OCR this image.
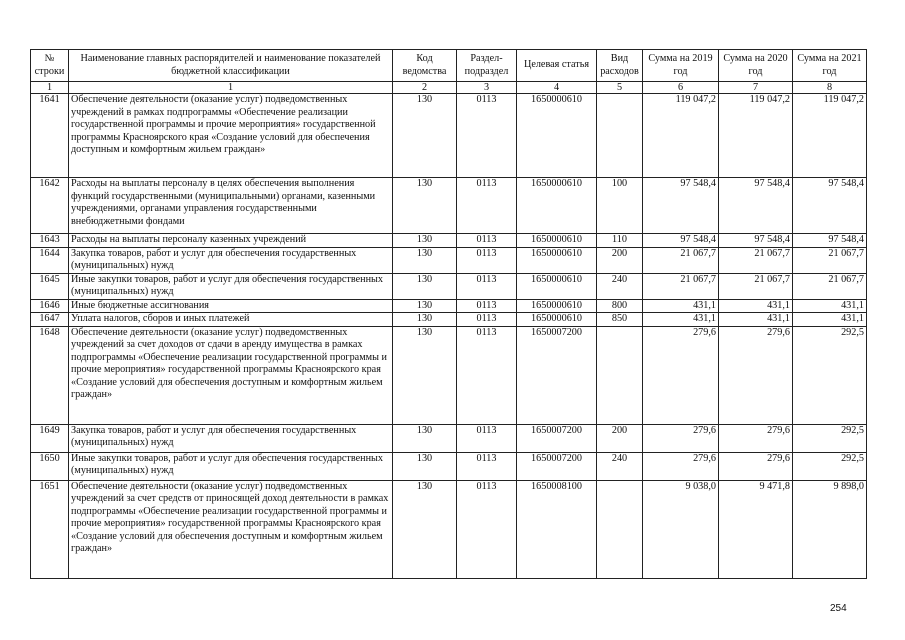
№ строки	Наименование главных распорядителей и наименование показателей бюджетной классификации	Код ведомства	Раздел-подраздел	Целевая статья	Вид расходов	Сумма на 2019 год	Сумма на 2020 год	Сумма на 2021 год
1	1	2	3	4	5	6	7	8
1641	Обеспечение деятельности (оказание услуг) подведомственных учреждений в рамках подпрограммы «Обеспечение реализации государственной программы и прочие мероприятия» государственной программы Красноярского края «Создание условий для обеспечения доступным и комфортным жильем граждан»	130	0113	1650000610		119 047,2	119 047,2	119 047,2
1642	Расходы на выплаты персоналу в целях обеспечения выполнения функций государственными (муниципальными) органами, казенными учреждениями, органами управления государственными внебюджетными фондами	130	0113	1650000610	100	97 548,4	97 548,4	97 548,4
1643	Расходы на выплаты персоналу казенных учреждений	130	0113	1650000610	110	97 548,4	97 548,4	97 548,4
1644	Закупка товаров, работ и услуг для обеспечения государственных (муниципальных) нужд	130	0113	1650000610	200	21 067,7	21 067,7	21 067,7
1645	Иные закупки товаров, работ и услуг для обеспечения государственных (муниципальных) нужд	130	0113	1650000610	240	21 067,7	21 067,7	21 067,7
1646	Иные бюджетные ассигнования	130	0113	1650000610	800	431,1	431,1	431,1
1647	Уплата налогов, сборов и иных платежей	130	0113	1650000610	850	431,1	431,1	431,1
1648	Обеспечение деятельности (оказание услуг) подведомственных учреждений за счет доходов от сдачи в аренду имущества в рамках подпрограммы «Обеспечение реализации государственной программы и прочие мероприятия» государственной программы Красноярского края «Создание условий для обеспечения доступным и комфортным жильем граждан»	130	0113	1650007200		279,6	279,6	292,5
1649	Закупка товаров, работ и услуг для обеспечения государственных (муниципальных) нужд	130	0113	1650007200	200	279,6	279,6	292,5
1650	Иные закупки товаров, работ и услуг для обеспечения государственных (муниципальных) нужд	130	0113	1650007200	240	279,6	279,6	292,5
1651	Обеспечение деятельности (оказание услуг) подведомственных учреждений за счет средств от приносящей доход деятельности в рамках подпрограммы «Обеспечение реализации государственной программы и прочие мероприятия» государственной программы Красноярского края «Создание условий для обеспечения доступным и комфортным жильем граждан»	130	0113	1650008100		9 038,0	9 471,8	9 898,0
254
